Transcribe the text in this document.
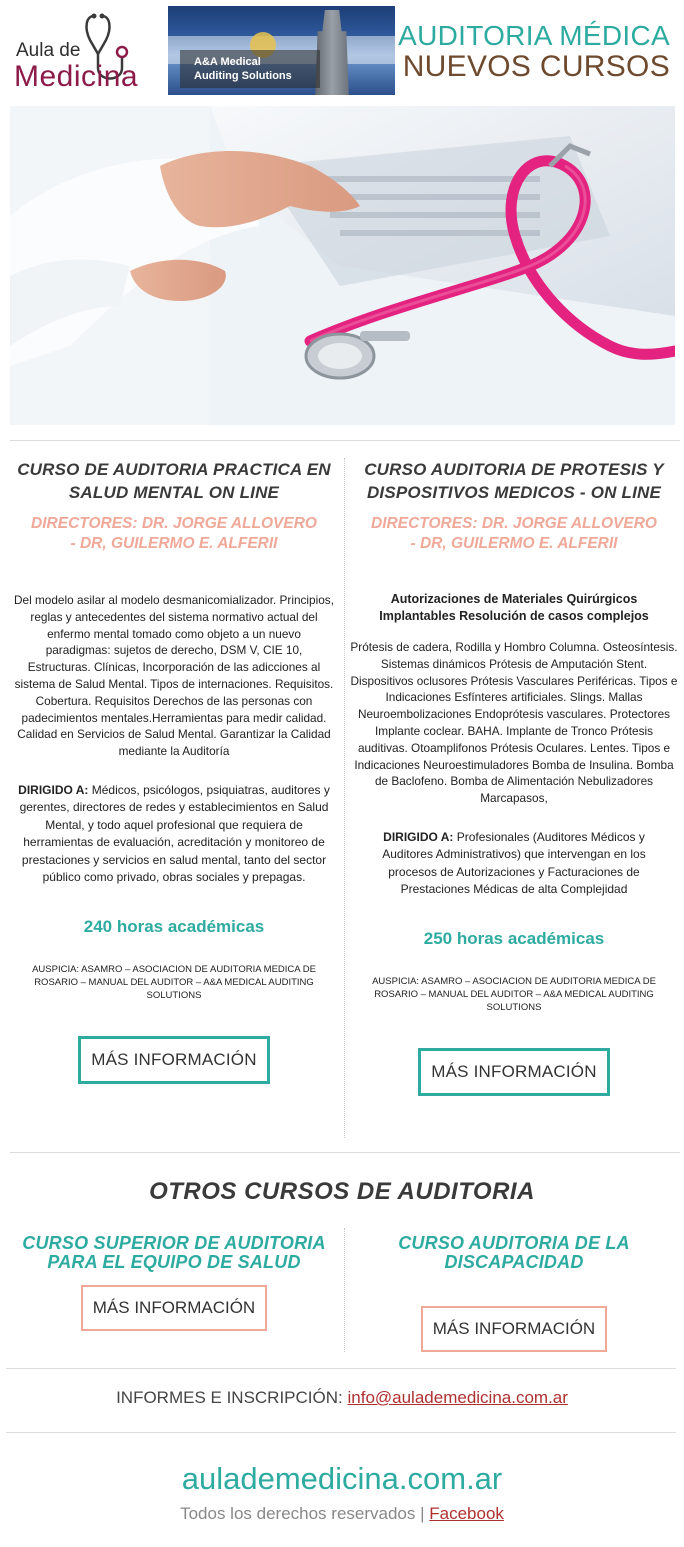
Aula de
Medicina	A&A Medical
Auditing Solutions
AUDITORIA MÉDICA
NUEVOS CURSOS
CURSO DE AUDITORIA PRACTICA EN SALUD MENTAL ON LINE
DIRECTORES: DR. JORGE ALLOVERO - DR, GUILERMO E. ALFERII
Del modelo asilar al modelo desmanicomializador. Principios, reglas y antecedentes del sistema normativo actual del enfermo mental tomado como objeto a un nuevo paradigmas: sujetos de derecho, DSM V, CIE 10, Estructuras. Clínicas, Incorporación de las adicciones al sistema de Salud Mental. Tipos de internaciones. Requisitos. Cobertura. Requisitos Derechos de las personas con padecimientos mentales.Herramientas para medir calidad. Calidad en Servicios de Salud Mental. Garantizar la Calidad mediante la Auditoría
DIRIGIDO A: Médicos, psicólogos, psiquiatras, auditores y gerentes, directores de redes y establecimientos en Salud Mental, y todo aquel profesional que requiera de herramientas de evaluación, acreditación y monitoreo de prestaciones y servicios en salud mental, tanto del sector público como privado, obras sociales y prepagas.
240 horas académicas
AUSPICIA: ASAMRO – ASOCIACION DE AUDITORIA MEDICA DE ROSARIO – MANUAL DEL AUDITOR – A&A MEDICAL AUDITING SOLUTIONS
MÁS INFORMACIÓN
CURSO AUDITORIA DE PROTESIS Y DISPOSITIVOS MEDICOS - ON LINE
DIRECTORES: DR. JORGE ALLOVERO - DR, GUILERMO E. ALFERII
Autorizaciones de Materiales Quirúrgicos Implantables Resolución de casos complejos
Prótesis de cadera, Rodilla y Hombro Columna. Osteosíntesis. Sistemas dinámicos Prótesis de Amputación Stent. Dispositivos oclusores Prótesis Vasculares Periféricas. Tipos e Indicaciones Esfínteres artificiales. Slings. Mallas Neuroembolizaciones Endoprótesis vasculares. Protectores Implante coclear. BAHA. Implante de Tronco Prótesis auditivas. Otoamplifonos Prótesis Oculares. Lentes. Tipos e Indicaciones Neuroestimuladores Bomba de Insulina. Bomba de Baclofeno. Bomba de Alimentación Nebulizadores Marcapasos,
DIRIGIDO A: Profesionales (Auditores Médicos y Auditores Administrativos) que intervengan en los procesos de Autorizaciones y Facturaciones de Prestaciones Médicas de alta Complejidad
250 horas académicas
AUSPICIA: ASAMRO – ASOCIACION DE AUDITORIA MEDICA DE ROSARIO – MANUAL DEL AUDITOR – A&A MEDICAL AUDITING SOLUTIONS
MÁS INFORMACIÓN
OTROS CURSOS DE AUDITORIA
CURSO SUPERIOR DE AUDITORIA PARA EL EQUIPO DE SALUD
MÁS INFORMACIÓN
CURSO AUDITORIA DE LA DISCAPACIDAD
MÁS INFORMACIÓN
INFORMES E INSCRIPCIÓN: info@aulademedicina.com.ar
aulademedicina.com.ar
Todos los derechos reservados | Facebook
